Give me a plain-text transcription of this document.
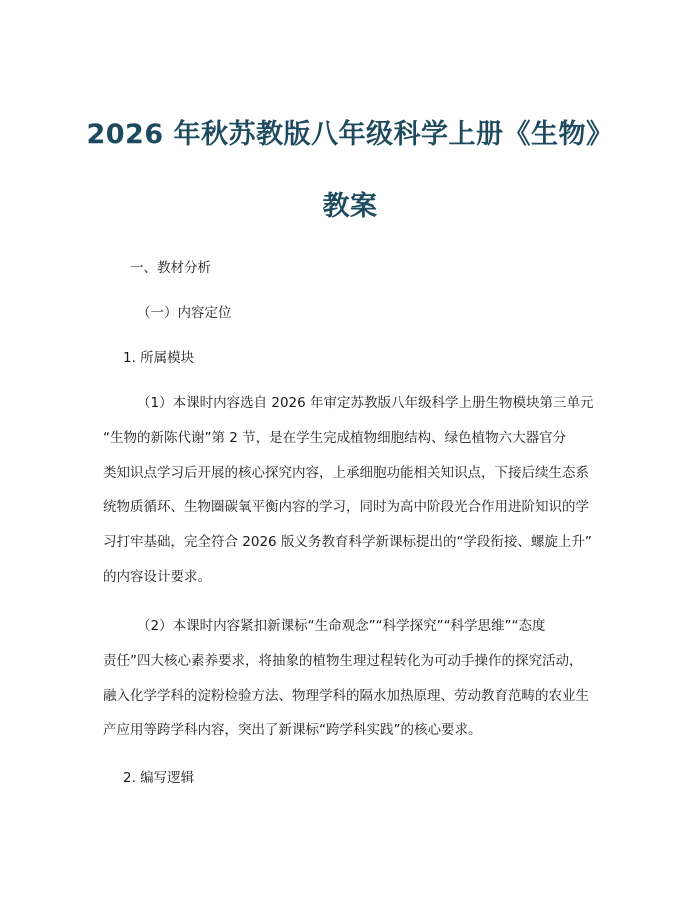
2026 年秋苏教版八年级科学上册《生物》
教案
一、教材分析
（一）内容定位
1. 所属模块
（1）本课时内容选自 2026 年审定苏教版八年级科学上册生物模块第三单元
“生物的新陈代谢”第 2 节，是在学生完成植物细胞结构、绿色植物六大器官分
类知识点学习后开展的核心探究内容，上承细胞功能相关知识点，下接后续生态系
统物质循环、生物圈碳氧平衡内容的学习，同时为高中阶段光合作用进阶知识的学
习打牢基础，完全符合 2026 版义务教育科学新课标提出的“学段衔接、螺旋上升”
的内容设计要求。
（2）本课时内容紧扣新课标“生命观念”“科学探究”“科学思维”“态度
责任”四大核心素养要求，将抽象的植物生理过程转化为可动手操作的探究活动，
融入化学学科的淀粉检验方法、物理学科的隔水加热原理、劳动教育范畴的农业生
产应用等跨学科内容，突出了新课标“跨学科实践”的核心要求。
2. 编写逻辑
